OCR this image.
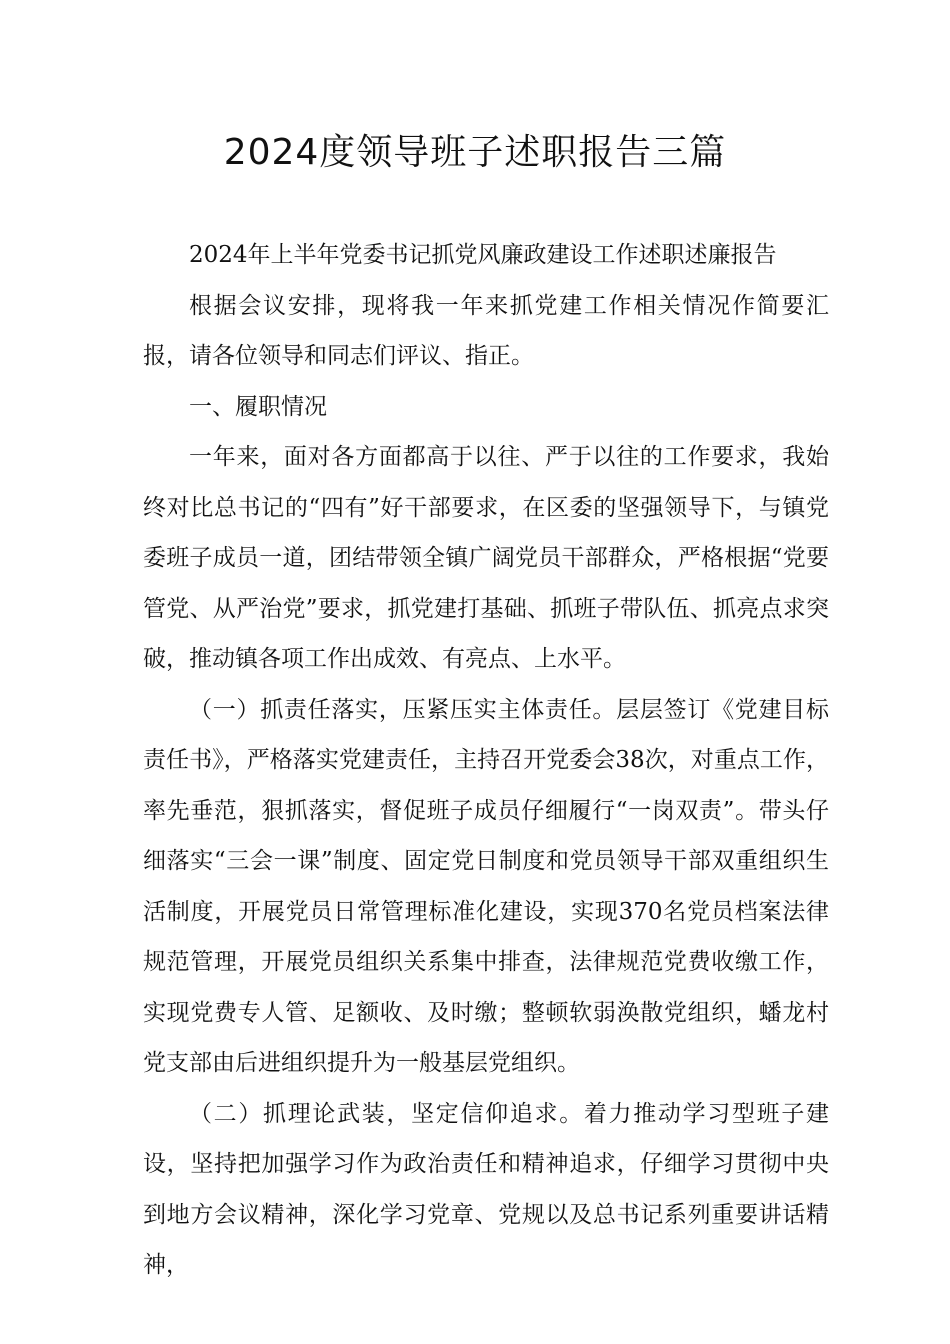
2024度领导班子述职报告三篇

2024年上半年党委书记抓党风廉政建设工作述职述廉报告

根据会议安排，现将我一年来抓党建工作相关情况作简要汇报，请各位领导和同志们评议、指正。

一、履职情况

一年来，面对各方面都高于以往、严于以往的工作要求，我始终对比总书记的“四有”好干部要求，在区委的坚强领导下，与镇党委班子成员一道，团结带领全镇广阔党员干部群众，严格根据“党要管党、从严治党”要求，抓党建打基础、抓班子带队伍、抓亮点求突破，推动镇各项工作出成效、有亮点、上水平。

（一）抓责任落实，压紧压实主体责任。层层签订《党建目标责任书》，严格落实党建责任，主持召开党委会38次，对重点工作，率先垂范，狠抓落实，督促班子成员仔细履行“一岗双责”。带头仔细落实“三会一课”制度、固定党日制度和党员领导干部双重组织生活制度，开展党员日常管理标准化建设，实现370名党员档案法律规范管理，开展党员组织关系集中排查，法律规范党费收缴工作，实现党费专人管、足额收、及时缴；整顿软弱涣散党组织，蟠龙村党支部由后进组织提升为一般基层党组织。

（二）抓理论武装，坚定信仰追求。着力推动学习型班子建设，坚持把加强学习作为政治责任和精神追求，仔细学习贯彻中央到地方会议精神，深化学习党章、党规以及总书记系列重要讲话精神，
